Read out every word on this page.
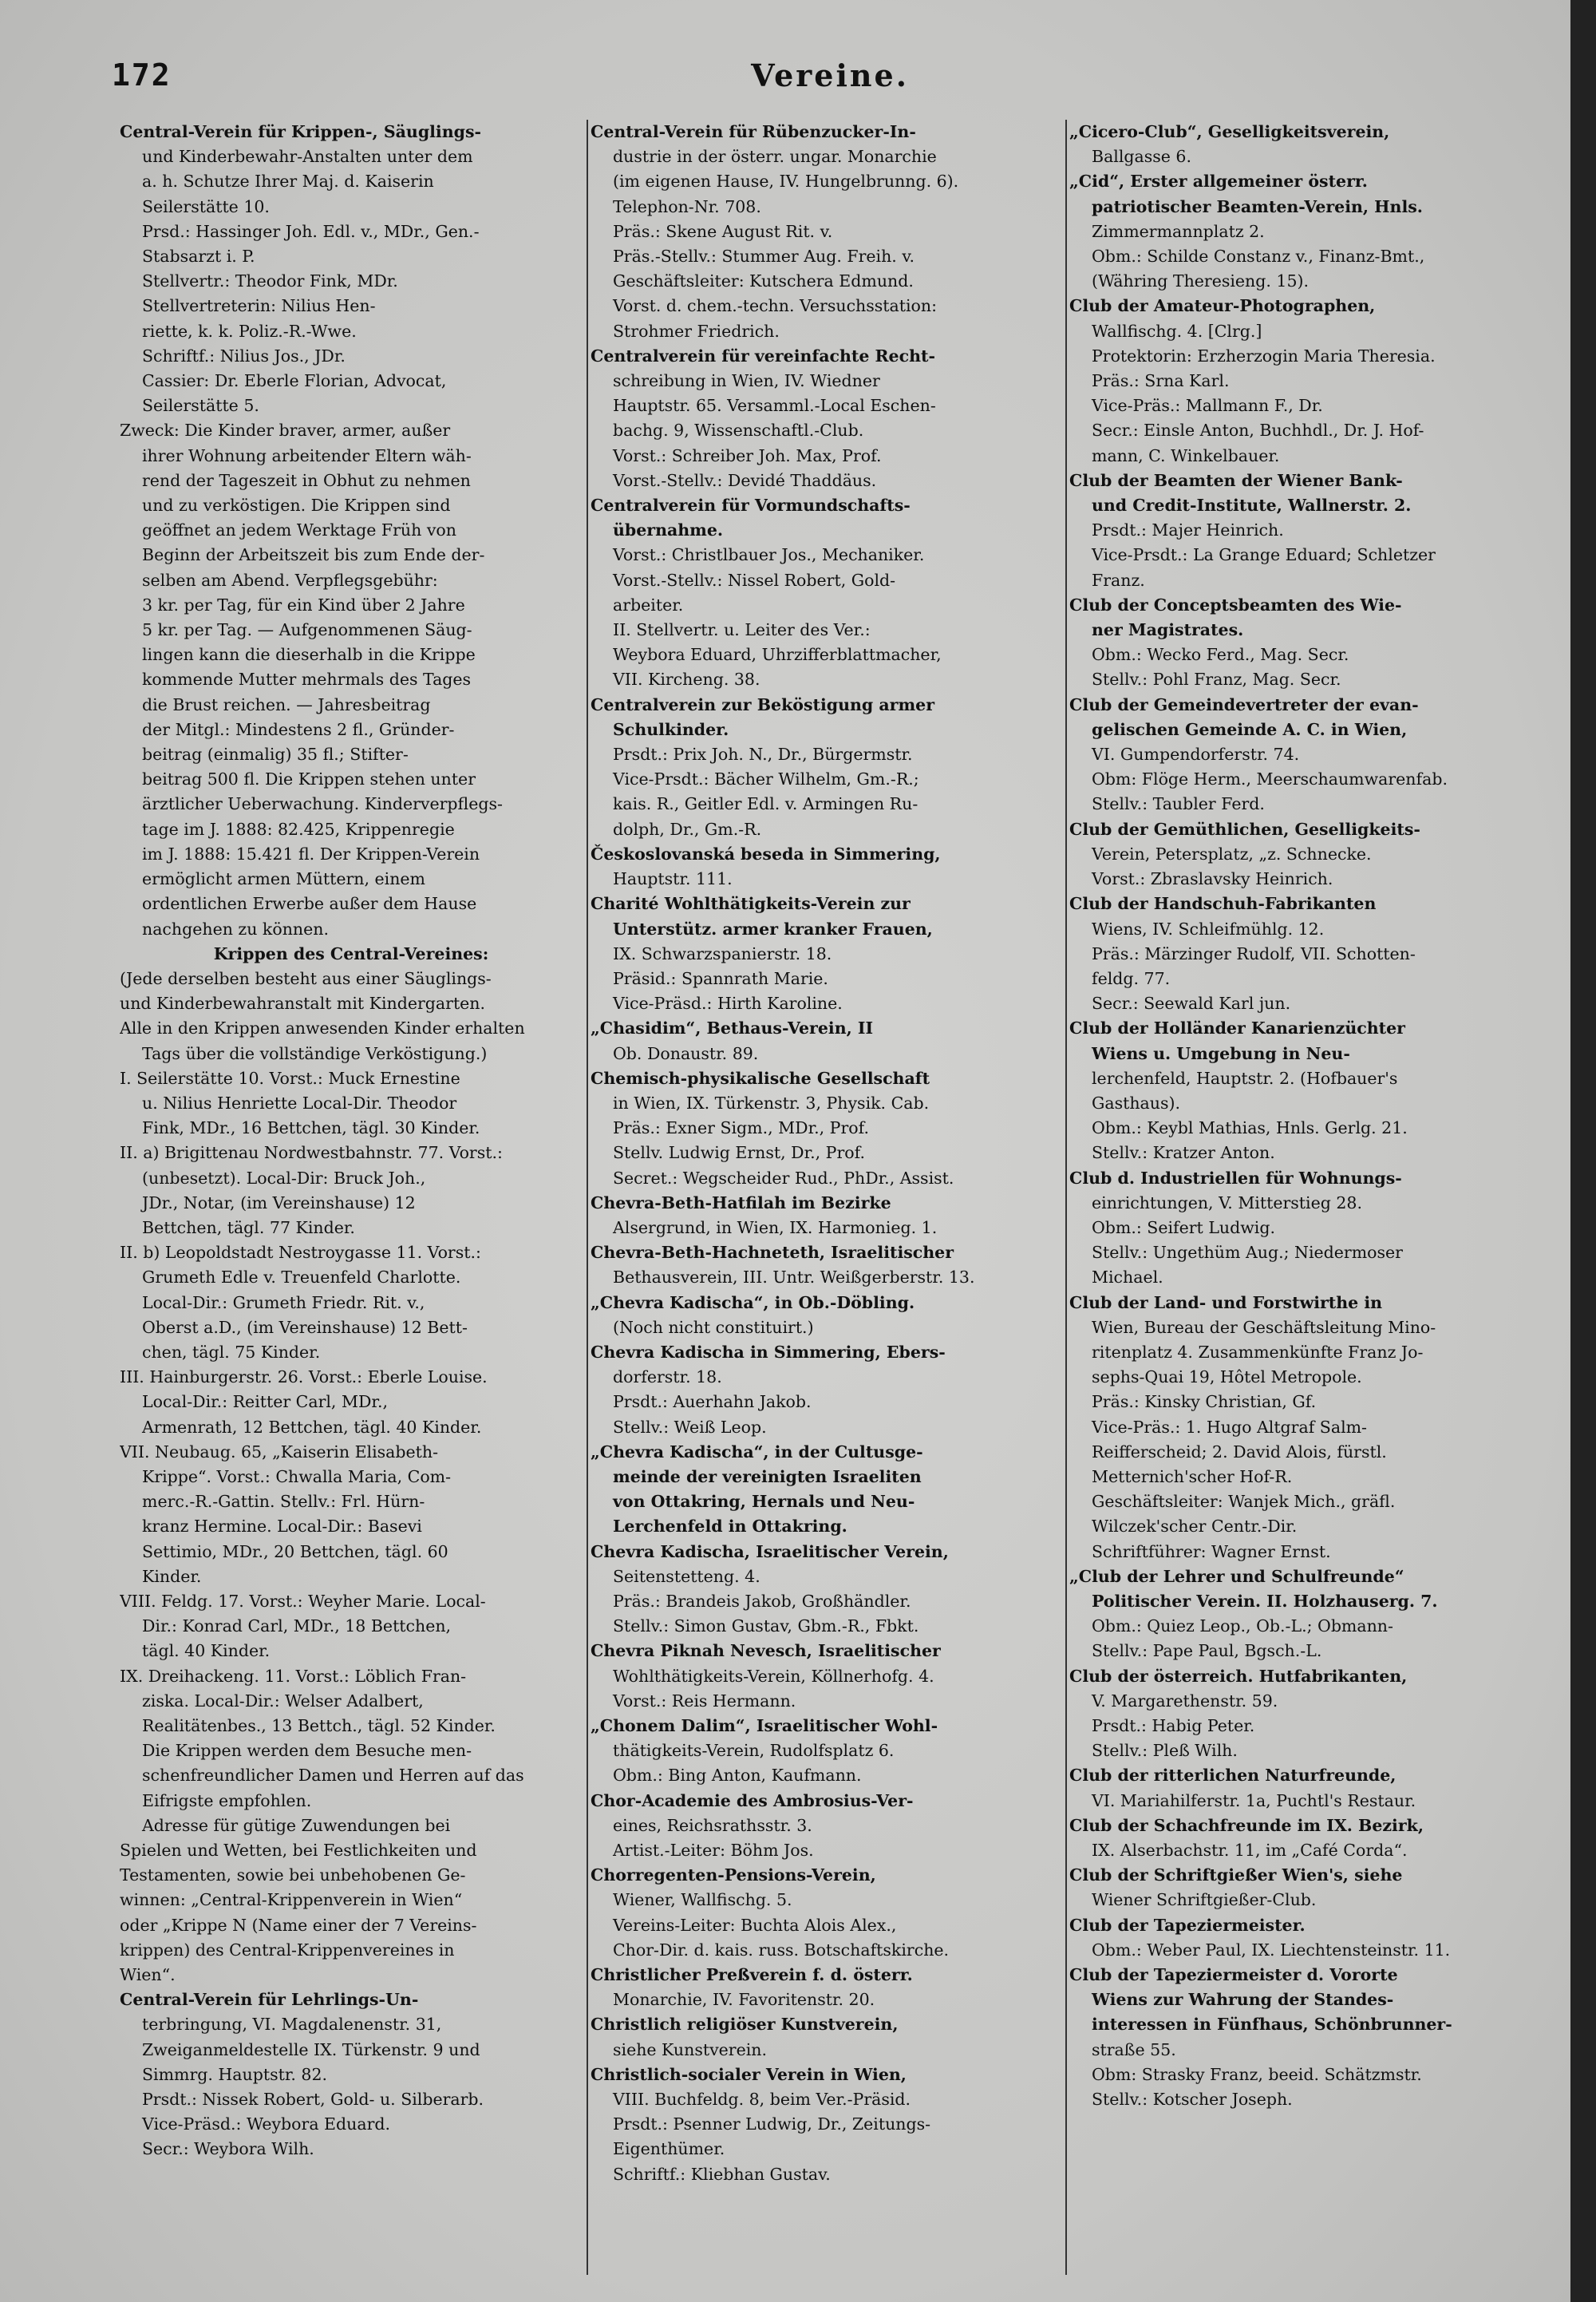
172	Vereine.
Central-Verein für Krippen-, Säuglings-
und Kinderbewahr-Anstalten unter dem
a. h. Schutze Ihrer Maj. d. Kaiserin
Seilerstätte 10.
Prsd.: Hassinger Joh. Edl. v., MDr., Gen.-
Stabsarzt i. P.
Stellvertr.: Theodor Fink, MDr.
Stellvertreterin: Nilius Hen-
riette, k. k. Poliz.-R.-Wwe.
Schriftf.: Nilius Jos., JDr.
Cassier: Dr. Eberle Florian, Advocat,
Seilerstätte 5.
Zweck: Die Kinder braver, armer, außer
ihrer Wohnung arbeitender Eltern wäh-
rend der Tageszeit in Obhut zu nehmen
und zu verköstigen. Die Krippen sind
geöffnet an jedem Werktage Früh von
Beginn der Arbeitszeit bis zum Ende der-
selben am Abend. Verpflegsgebühr:
3 kr. per Tag, für ein Kind über 2 Jahre
5 kr. per Tag. — Aufgenommenen Säug-
lingen kann die dieserhalb in die Krippe
kommende Mutter mehrmals des Tages
die Brust reichen. — Jahresbeitrag
der Mitgl.: Mindestens 2 fl., Gründer-
beitrag (einmalig) 35 fl.; Stifter-
beitrag 500 fl. Die Krippen stehen unter
ärztlicher Ueberwachung. Kinderverpflegs-
tage im J. 1888: 82.425, Krippenregie
im J. 1888: 15.421 fl. Der Krippen-Verein
ermöglicht armen Müttern, einem
ordentlichen Erwerbe außer dem Hause
nachgehen zu können.
Krippen des Central-Vereines:
(Jede derselben besteht aus einer Säuglings-
und Kinderbewahranstalt mit Kindergarten.
Alle in den Krippen anwesenden Kinder erhalten
Tags über die vollständige Verköstigung.)
I. Seilerstätte 10. Vorst.: Muck Ernestine
u. Nilius Henriette Local-Dir. Theodor
Fink, MDr., 16 Bettchen, tägl. 30 Kinder.
II. a) Brigittenau Nordwestbahnstr. 77. Vorst.:
(unbesetzt). Local-Dir: Bruck Joh.,
JDr., Notar, (im Vereinshause) 12
Bettchen, tägl. 77 Kinder.
II. b) Leopoldstadt Nestroygasse 11. Vorst.:
Grumeth Edle v. Treuenfeld Charlotte.
Local-Dir.: Grumeth Friedr. Rit. v.,
Oberst a.D., (im Vereinshause) 12 Bett-
chen, tägl. 75 Kinder.
III. Hainburgerstr. 26. Vorst.: Eberle Louise.
Local-Dir.: Reitter Carl, MDr.,
Armenrath, 12 Bettchen, tägl. 40 Kinder.
VII. Neubaug. 65, „Kaiserin Elisabeth-
Krippe“. Vorst.: Chwalla Maria, Com-
merc.-R.-Gattin. Stellv.: Frl. Hürn-
kranz Hermine. Local-Dir.: Basevi
Settimio, MDr., 20 Bettchen, tägl. 60
Kinder.
VIII. Feldg. 17. Vorst.: Weyher Marie. Local-
Dir.: Konrad Carl, MDr., 18 Bettchen,
tägl. 40 Kinder.
IX. Dreihackeng. 11. Vorst.: Löblich Fran-
ziska. Local-Dir.: Welser Adalbert,
Realitätenbes., 13 Bettch., tägl. 52 Kinder.
Die Krippen werden dem Besuche men-
schenfreundlicher Damen und Herren auf das
Eifrigste empfohlen.
Adresse für gütige Zuwendungen bei
Spielen und Wetten, bei Festlichkeiten und
Testamenten, sowie bei unbehobenen Ge-
winnen: „Central-Krippenverein in Wien“
oder „Krippe N (Name einer der 7 Vereins-
krippen) des Central-Krippenvereines in
Wien“.
Central-Verein für Lehrlings-Un-
terbringung, VI. Magdalenenstr. 31,
Zweiganmeldestelle IX. Türkenstr. 9 und
Simmrg. Hauptstr. 82.
Prsdt.: Nissek Robert, Gold- u. Silberarb.
Vice-Präsd.: Weybora Eduard.
Secr.: Weybora Wilh.
Central-Verein für Rübenzucker-In-
dustrie in der österr. ungar. Monarchie
(im eigenen Hause, IV. Hungelbrunng. 6).
Telephon-Nr. 708.
Präs.: Skene August Rit. v.
Präs.-Stellv.: Stummer Aug. Freih. v.
Geschäftsleiter: Kutschera Edmund.
Vorst. d. chem.-techn. Versuchsstation:
Strohmer Friedrich.
Centralverein für vereinfachte Recht-
schreibung in Wien, IV. Wiedner
Hauptstr. 65. Versamml.-Local Eschen-
bachg. 9, Wissenschaftl.-Club.
Vorst.: Schreiber Joh. Max, Prof.
Vorst.-Stellv.: Devidé Thaddäus.
Centralverein für Vormundschafts-
übernahme.
Vorst.: Christlbauer Jos., Mechaniker.
Vorst.-Stellv.: Nissel Robert, Gold-
arbeiter.
II. Stellvertr. u. Leiter des Ver.:
Weybora Eduard, Uhrzifferblattmacher,
VII. Kircheng. 38.
Centralverein zur Beköstigung armer
Schulkinder.
Prsdt.: Prix Joh. N., Dr., Bürgermstr.
Vice-Prsdt.: Bächer Wilhelm, Gm.-R.;
kais. R., Geitler Edl. v. Armingen Ru-
dolph, Dr., Gm.-R.
Českoslovanská beseda in Simmering,
Hauptstr. 111.
Charité Wohlthätigkeits-Verein zur
Unterstütz. armer kranker Frauen,
IX. Schwarzspanierstr. 18.
Präsid.: Spannrath Marie.
Vice-Präsd.: Hirth Karoline.
„Chasidim“, Bethaus-Verein, II
Ob. Donaustr. 89.
Chemisch-physikalische Gesellschaft
in Wien, IX. Türkenstr. 3, Physik. Cab.
Präs.: Exner Sigm., MDr., Prof.
Stellv. Ludwig Ernst, Dr., Prof.
Secret.: Wegscheider Rud., PhDr., Assist.
Chevra-Beth-Hatfilah im Bezirke
Alsergrund, in Wien, IX. Harmonieg. 1.
Chevra-Beth-Hachneteth, Israelitischer
Bethausverein, III. Untr. Weißgerberstr. 13.
„Chevra Kadischa“, in Ob.-Döbling.
(Noch nicht constituirt.)
Chevra Kadischa in Simmering, Ebers-
dorferstr. 18.
Prsdt.: Auerhahn Jakob.
Stellv.: Weiß Leop.
„Chevra Kadischa“, in der Cultusge-
meinde der vereinigten Israeliten
von Ottakring, Hernals und Neu-
Lerchenfeld in Ottakring.
Chevra Kadischa, Israelitischer Verein,
Seitenstetteng. 4.
Präs.: Brandeis Jakob, Großhändler.
Stellv.: Simon Gustav, Gbm.-R., Fbkt.
Chevra Piknah Nevesch, Israelitischer
Wohlthätigkeits-Verein, Köllnerhofg. 4.
Vorst.: Reis Hermann.
„Chonem Dalim“, Israelitischer Wohl-
thätigkeits-Verein, Rudolfsplatz 6.
Obm.: Bing Anton, Kaufmann.
Chor-Academie des Ambrosius-Ver-
eines, Reichsrathsstr. 3.
Artist.-Leiter: Böhm Jos.
Chorregenten-Pensions-Verein,
Wiener, Wallfischg. 5.
Vereins-Leiter: Buchta Alois Alex.,
Chor-Dir. d. kais. russ. Botschaftskirche.
Christlicher Preßverein f. d. österr.
Monarchie, IV. Favoritenstr. 20.
Christlich religiöser Kunstverein,
siehe Kunstverein.
Christlich-socialer Verein in Wien,
VIII. Buchfeldg. 8, beim Ver.-Präsid.
Prsdt.: Psenner Ludwig, Dr., Zeitungs-
Eigenthümer.
Schriftf.: Kliebhan Gustav.
„Cicero-Club“, Geselligkeitsverein,
Ballgasse 6.
„Cid“, Erster allgemeiner österr.
patriotischer Beamten-Verein, Hnls.
Zimmermannplatz 2.
Obm.: Schilde Constanz v., Finanz-Bmt.,
(Währing Theresieng. 15).
Club der Amateur-Photographen,
Wallfischg. 4. [Clrg.]
Protektorin: Erzherzogin Maria Theresia.
Präs.: Srna Karl.
Vice-Präs.: Mallmann F., Dr.
Secr.: Einsle Anton, Buchhdl., Dr. J. Hof-
mann, C. Winkelbauer.
Club der Beamten der Wiener Bank-
und Credit-Institute, Wallnerstr. 2.
Prsdt.: Majer Heinrich.
Vice-Prsdt.: La Grange Eduard; Schletzer
Franz.
Club der Conceptsbeamten des Wie-
ner Magistrates.
Obm.: Wecko Ferd., Mag. Secr.
Stellv.: Pohl Franz, Mag. Secr.
Club der Gemeindevertreter der evan-
gelischen Gemeinde A. C. in Wien,
VI. Gumpendorferstr. 74.
Obm: Flöge Herm., Meerschaumwarenfab.
Stellv.: Taubler Ferd.
Club der Gemüthlichen, Geselligkeits-
Verein, Petersplatz, „z. Schnecke.
Vorst.: Zbraslavsky Heinrich.
Club der Handschuh-Fabrikanten
Wiens, IV. Schleifmühlg. 12.
Präs.: Märzinger Rudolf, VII. Schotten-
feldg. 77.
Secr.: Seewald Karl jun.
Club der Holländer Kanarienzüchter
Wiens u. Umgebung in Neu-
lerchenfeld, Hauptstr. 2. (Hofbauer's
Gasthaus).
Obm.: Keybl Mathias, Hnls. Gerlg. 21.
Stellv.: Kratzer Anton.
Club d. Industriellen für Wohnungs-
einrichtungen, V. Mitterstieg 28.
Obm.: Seifert Ludwig.
Stellv.: Ungethüm Aug.; Niedermoser
Michael.
Club der Land- und Forstwirthe in
Wien, Bureau der Geschäftsleitung Mino-
ritenplatz 4. Zusammenkünfte Franz Jo-
sephs-Quai 19, Hôtel Metropole.
Präs.: Kinsky Christian, Gf.
Vice-Präs.: 1. Hugo Altgraf Salm-
Reifferscheid; 2. David Alois, fürstl.
Metternich'scher Hof-R.
Geschäftsleiter: Wanjek Mich., gräfl.
Wilczek'scher Centr.-Dir.
Schriftführer: Wagner Ernst.
„Club der Lehrer und Schulfreunde“
Politischer Verein. II. Holzhauserg. 7.
Obm.: Quiez Leop., Ob.-L.; Obmann-
Stellv.: Pape Paul, Bgsch.-L.
Club der österreich. Hutfabrikanten,
V. Margarethenstr. 59.
Prsdt.: Habig Peter.
Stellv.: Pleß Wilh.
Club der ritterlichen Naturfreunde,
VI. Mariahilferstr. 1a, Puchtl's Restaur.
Club der Schachfreunde im IX. Bezirk,
IX. Alserbachstr. 11, im „Café Corda“.
Club der Schriftgießer Wien's, siehe
Wiener Schriftgießer-Club.
Club der Tapeziermeister.
Obm.: Weber Paul, IX. Liechtensteinstr. 11.
Club der Tapeziermeister d. Vororte
Wiens zur Wahrung der Standes-
interessen in Fünfhaus, Schönbrunner-
straße 55.
Obm: Strasky Franz, beeid. Schätzmstr.
Stellv.: Kotscher Joseph.
